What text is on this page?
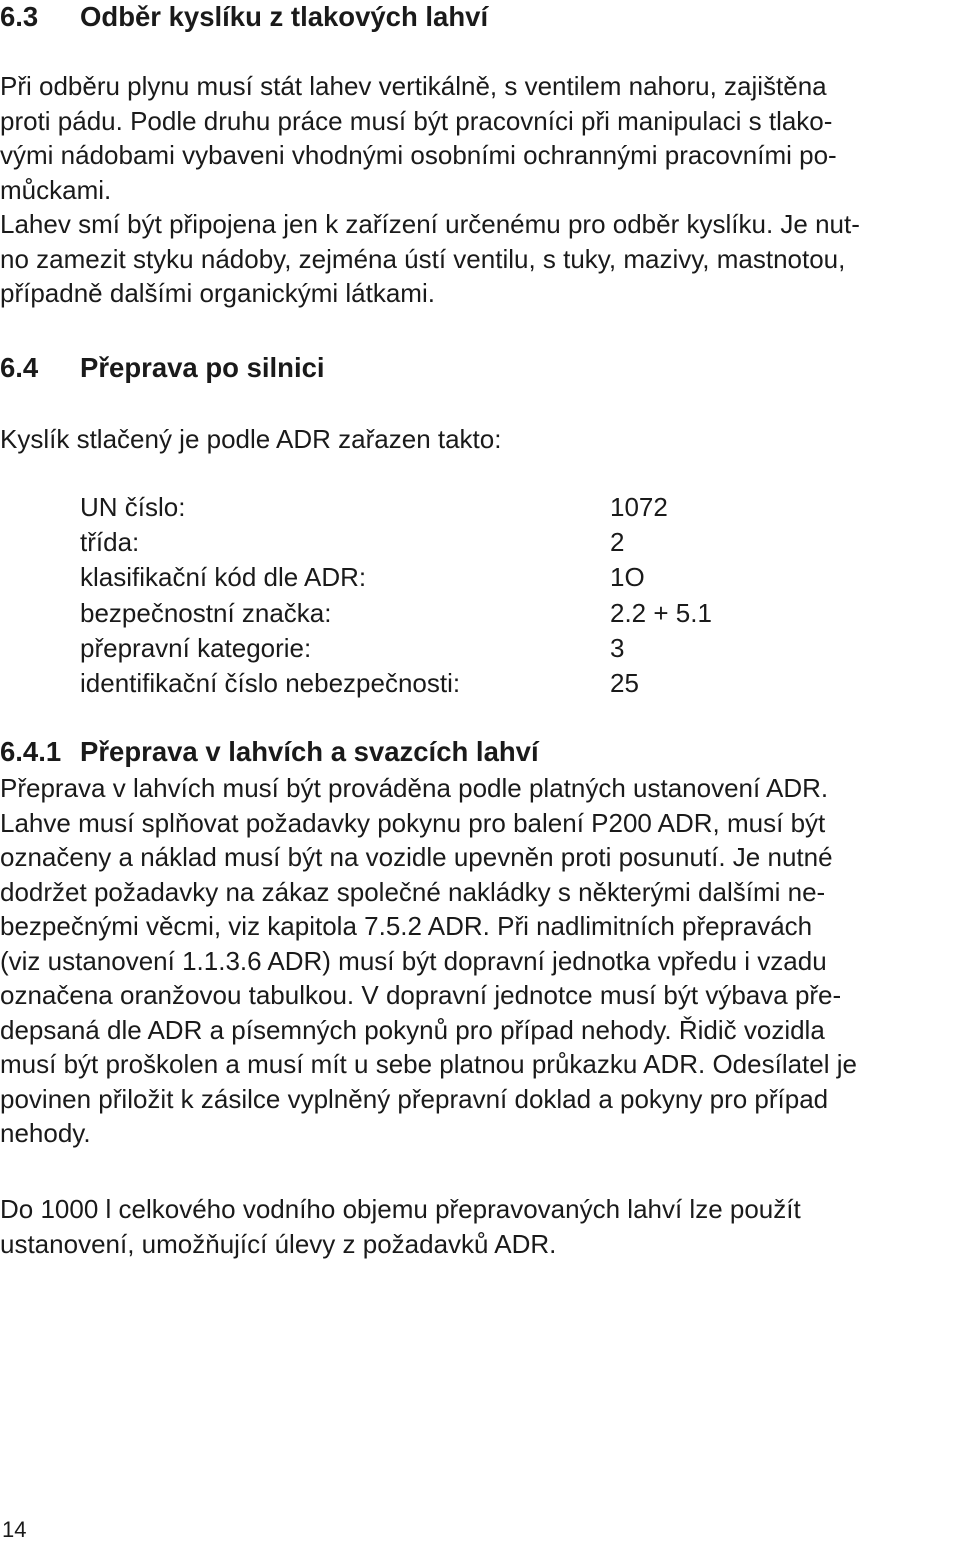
6.3 Odběr kyslíku z tlakových lahví

Při odběru plynu musí stát lahev vertikálně, s ventilem nahoru, zajištěna

proti pádu. Podle druhu práce musí být pracovníci při manipulaci s tlako-

vými nádobami vybaveni vhodnými osobními ochrannými pracovními po-

můckami.

Lahev smí být připojena jen k zařízení určenému pro odběr kyslíku. Je nut-

no zamezit styku nádoby, zejména ústí ventilu, s tuky, mazivy, mastnotou,

případně dalšími organickými látkami.

6.4 Přeprava po silnici

Kyslík stlačený je podle ADR zařazen takto:

UN číslo:	1072
třída:	2
klasifikační kód dle ADR:	1O
bezpečnostní značka:	2.2 + 5.1
přepravní kategorie:	3
identifikační číslo nebezpečnosti:	25
6.4.1 Přeprava v lahvích a svazcích lahví

Přeprava v lahvích musí být prováděna podle platných ustanovení ADR.

Lahve musí splňovat požadavky pokynu pro balení P200 ADR, musí být

označeny a náklad musí být na vozidle upevněn proti posunutí. Je nutné

dodržet požadavky na zákaz společné nakládky s některými dalšími ne-

bezpečnými věcmi, viz kapitola 7.5.2 ADR. Při nadlimitních přepravách

(viz ustanovení 1.1.3.6 ADR) musí být dopravní jednotka vpředu i vzadu

označena oranžovou tabulkou. V dopravní jednotce musí být výbava pře-

depsaná dle ADR a písemných pokynů pro případ nehody. Řidič vozidla

musí být proškolen a musí mít u sebe platnou průkazku ADR. Odesílatel je

povinen přiložit k zásilce vyplněný přepravní doklad a pokyny pro případ

nehody.

Do 1000 l celkového vodního objemu přepravovaných lahví lze použít

ustanovení, umožňující úlevy z požadavků ADR.

14
